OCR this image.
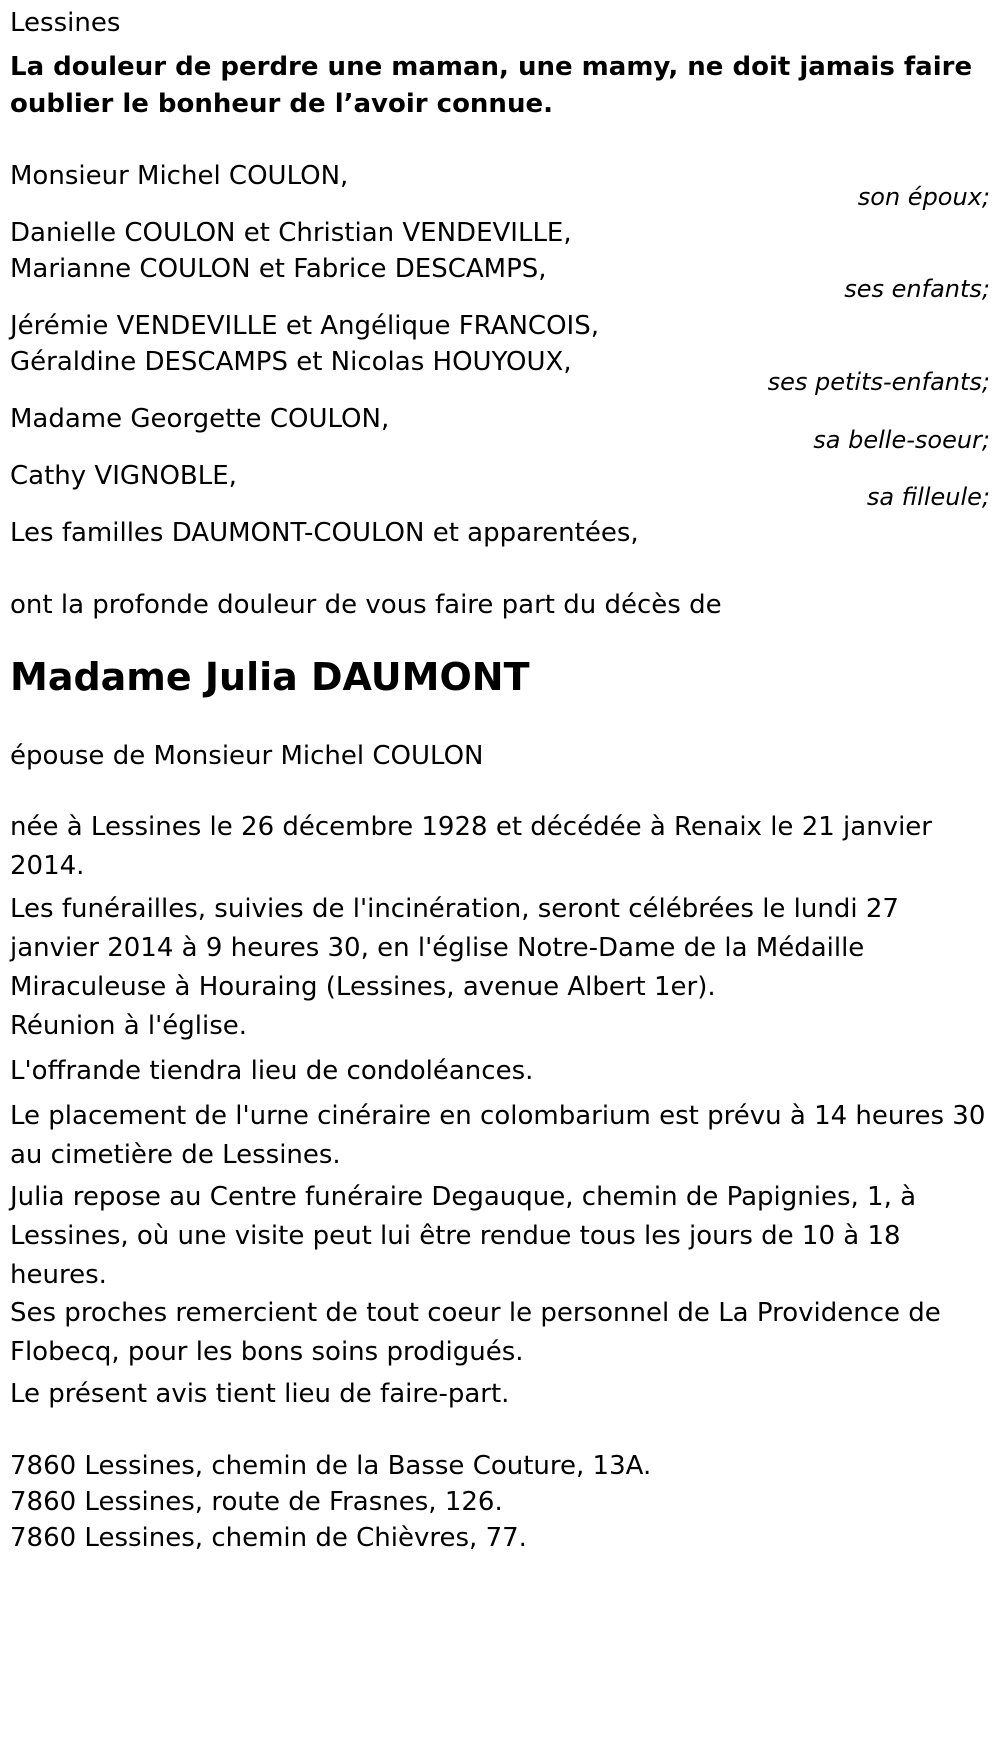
Lessines

La douleur de perdre une maman, une mamy, ne doit jamais faire

oublier le bonheur de l’avoir connue.

Monsieur Michel COULON,

son époux;

Danielle COULON et Christian VENDEVILLE,

Marianne COULON et Fabrice DESCAMPS,

ses enfants;

Jérémie VENDEVILLE et Angélique FRANCOIS,

Géraldine DESCAMPS et Nicolas HOUYOUX,

ses petits-enfants;

Madame Georgette COULON,

sa belle-soeur;

Cathy VIGNOBLE,

sa filleule;

Les familles DAUMONT-COULON et apparentées,

ont la profonde douleur de vous faire part du décès de

Madame Julia DAUMONT

épouse de Monsieur Michel COULON

née à Lessines le 26 décembre 1928 et décédée à Renaix le 21 janvier 2014.

Les funérailles, suivies de l'incinération, seront célébrées le lundi 27 janvier 2014 à 9 heures 30, en l'église Notre-Dame de la Médaille Miraculeuse à Houraing (Lessines, avenue Albert 1er).

Réunion à l'église.

L'offrande tiendra lieu de condoléances.

Le placement de l'urne cinéraire en colombarium est prévu à 14 heures 30 au cimetière de Lessines.

Julia repose au Centre funéraire Degauque, chemin de Papignies, 1, à Lessines, où une visite peut lui être rendue tous les jours de 10 à 18 heures.

Ses proches remercient de tout coeur le personnel de La Providence de Flobecq, pour les bons soins prodigués.

Le présent avis tient lieu de faire-part.

7860 Lessines, chemin de la Basse Couture, 13A.

7860 Lessines, route de Frasnes, 126.

7860 Lessines, chemin de Chièvres, 77.
